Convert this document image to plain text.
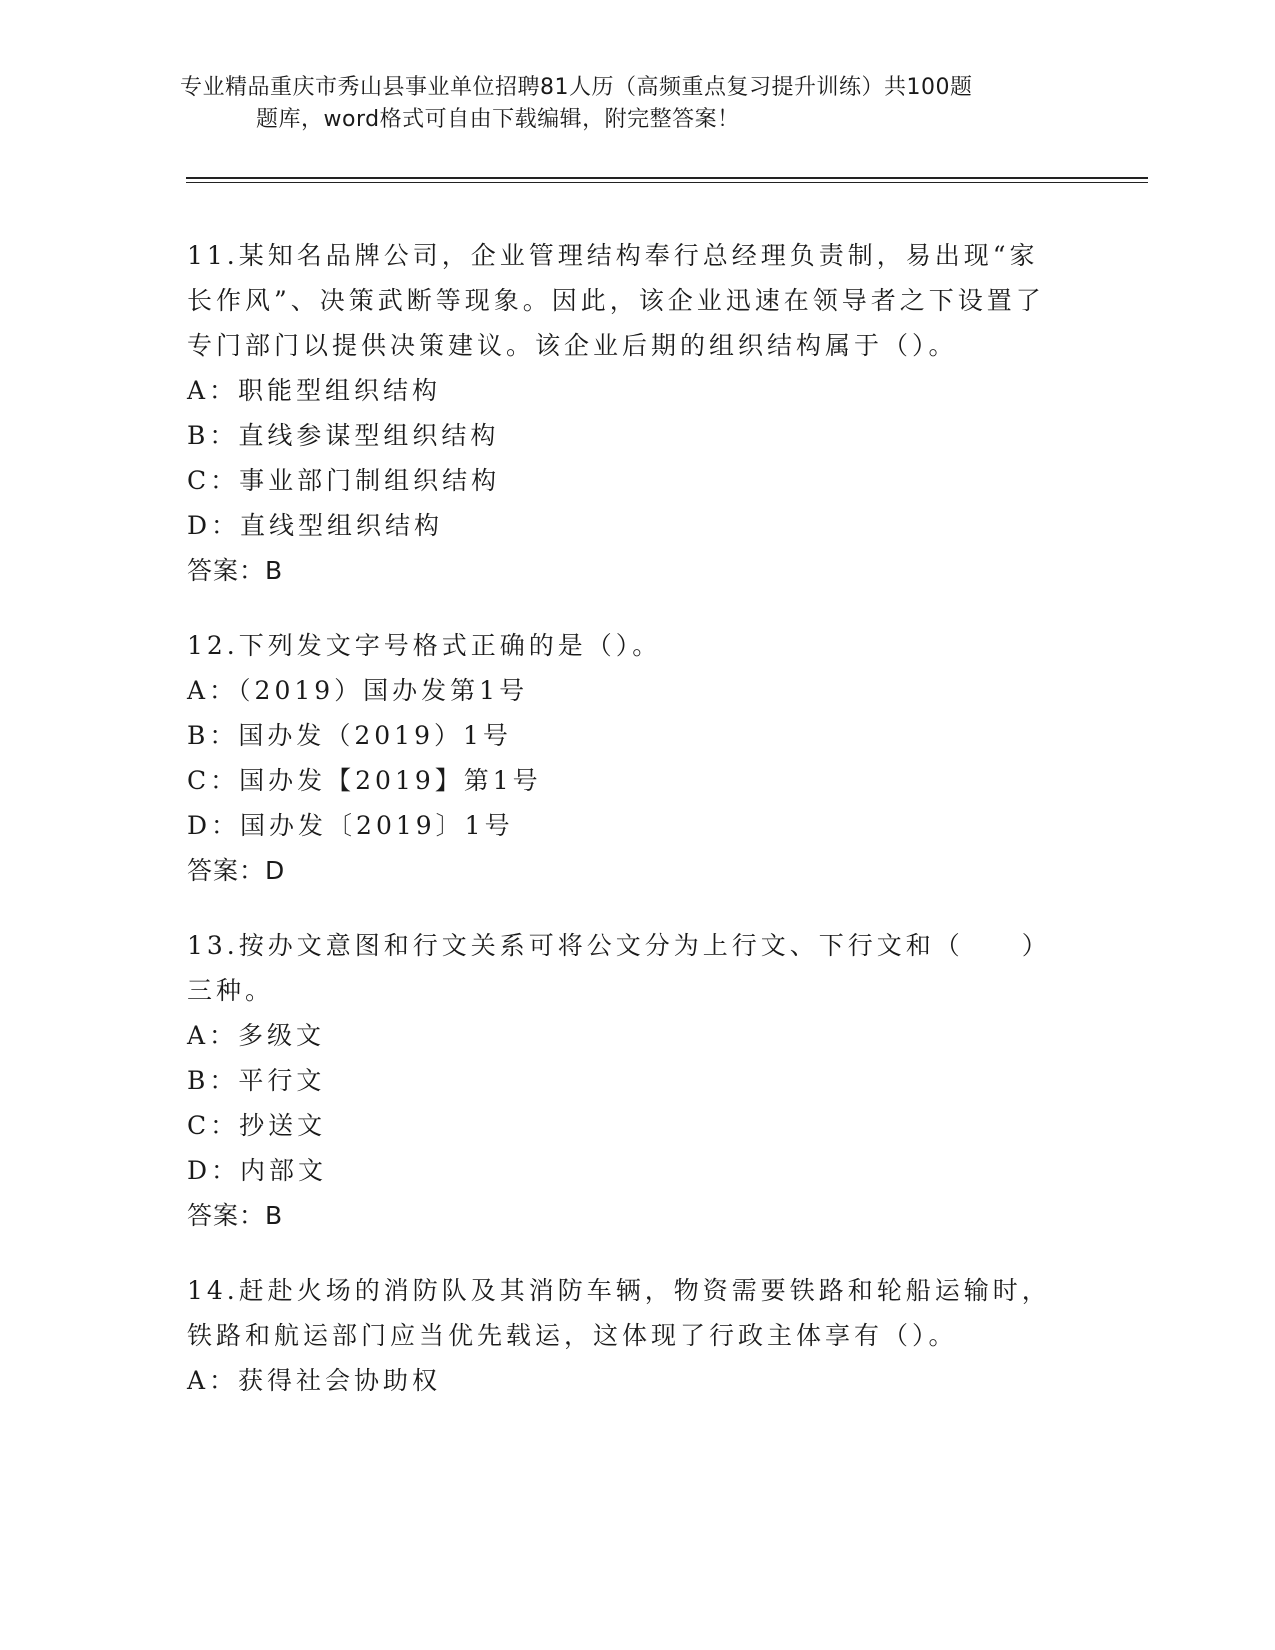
专业精品重庆市秀山县事业单位招聘81人历（高频重点复习提升训练）共100题
题库，word格式可自由下载编辑，附完整答案！
11.某知名品牌公司，企业管理结构奉行总经理负责制，易出现“家长作风”、决策武断等现象。因此，该企业迅速在领导者之下设置了专门部门以提供决策建议。该企业后期的组织结构属于（）。
A：职能型组织结构
B：直线参谋型组织结构
C：事业部门制组织结构
D：直线型组织结构
答案：B
12.下列发文字号格式正确的是（）。
A：（2019）国办发第1号
B：国办发（2019）1号
C：国办发【2019】第1号
D：国办发〔2019〕1号
答案：D
13.按办文意图和行文关系可将公文分为上行文、下行文和（　　）三种。
A：多级文
B：平行文
C：抄送文
D：内部文
答案：B
14.赶赴火场的消防队及其消防车辆，物资需要铁路和轮船运输时，铁路和航运部门应当优先载运，这体现了行政主体享有（）。
A：获得社会协助权
